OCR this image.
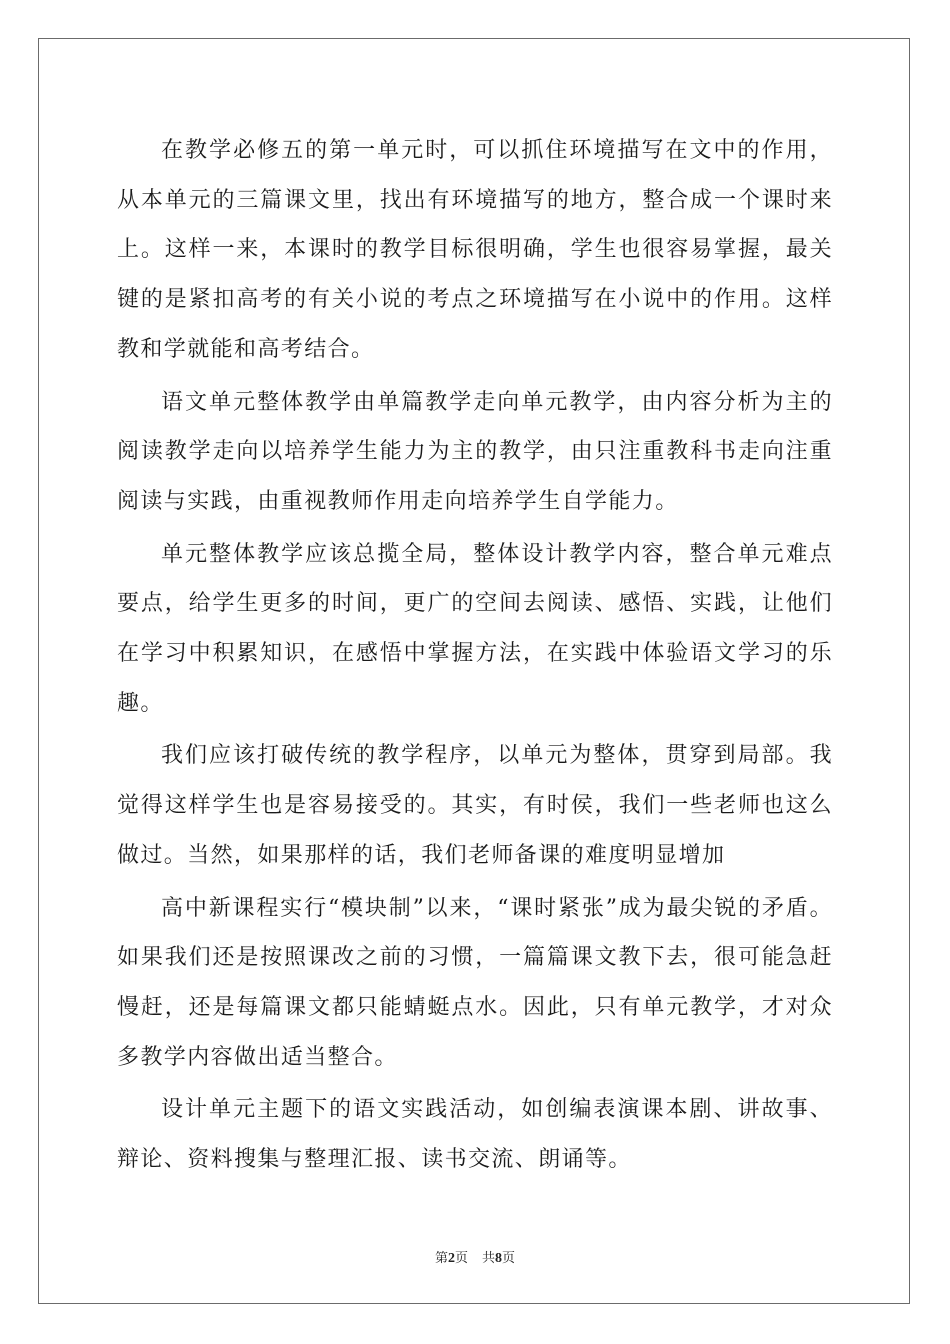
在教学必修五的第一单元时，可以抓住环境描写在文中的作用，从本单元的三篇课文里，找出有环境描写的地方，整合成一个课时来上。这样一来，本课时的教学目标很明确，学生也很容易掌握，最关键的是紧扣高考的有关小说的考点之环境描写在小说中的作用。这样教和学就能和高考结合。

语文单元整体教学由单篇教学走向单元教学，由内容分析为主的阅读教学走向以培养学生能力为主的教学，由只注重教科书走向注重阅读与实践，由重视教师作用走向培养学生自学能力。

单元整体教学应该总揽全局，整体设计教学内容，整合单元难点要点，给学生更多的时间，更广的空间去阅读、感悟、实践，让他们在学习中积累知识，在感悟中掌握方法，在实践中体验语文学习的乐趣。

我们应该打破传统的教学程序，以单元为整体，贯穿到局部。我觉得这样学生也是容易接受的。其实，有时侯，我们一些老师也这么做过。当然，如果那样的话，我们老师备课的难度明显增加

高中新课程实行“模块制”以来，“课时紧张”成为最尖锐的矛盾。如果我们还是按照课改之前的习惯，一篇篇课文教下去，很可能急赶慢赶，还是每篇课文都只能蜻蜓点水。因此，只有单元教学，才对众多教学内容做出适当整合。

设计单元主题下的语文实践活动，如创编表演课本剧、讲故事、辩论、资料搜集与整理汇报、读书交流、朗诵等。

第2页 共8页
